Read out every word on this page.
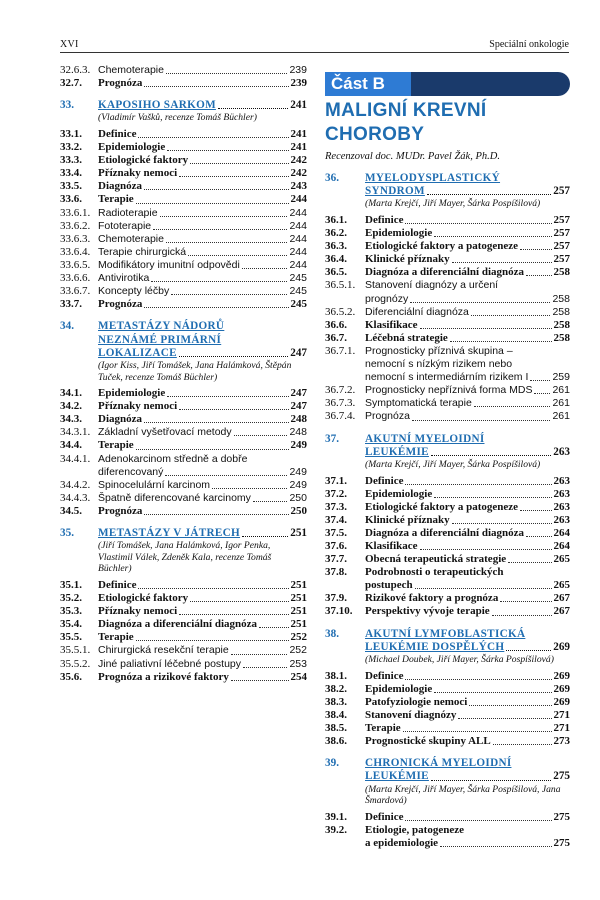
XVI	Speciální onkologie
32.6.3. Chemoterapie	239
32.7.	Prognóza	239
33.	KAPOSIHO SARKOM	241
(Vladimír Vašků, recenze Tomáš Büchler)
33.1.	Definice	241
33.2.	Epidemiologie	241
33.3.	Etiologické faktory	242
33.4.	Příznaky nemoci	242
33.5.	Diagnóza	243
33.6.	Terapie	244
33.6.1. Radioterapie	244
33.6.2. Fototerapie	244
33.6.3. Chemoterapie	244
33.6.4. Terapie chirurgická	244
33.6.5. Modifikátory imunitní odpovědi	244
33.6.6. Antivirotika	245
33.6.7. Koncepty léčby	245
33.7.	Prognóza	245
34.	METASTÁZY NÁDORŮ
NEZNÁMÉ PRIMÁRNÍ
LOKALIZACE	247
(Igor Kiss, Jiří Tomášek, Jana Halámková, Štěpán Tuček, recenze Tomáš Büchler)
34.1.	Epidemiologie	247
34.2.	Příznaky nemoci	247
34.3.	Diagnóza	248
34.3.1. Základní vyšetřovací metody	248
34.4.	Terapie	249
34.4.1. Adenokarcinom středně a dobře
diferencovaný	249
34.4.2. Spinocelulární karcinom	249
34.4.3. Špatně diferencované karcinomy	250
34.5.	Prognóza	250
35.	METASTÁZY V JÁTRECH	251
(Jiří Tomášek, Jana Halámková, Igor Penka, Vlastimil Válek, Zdeněk Kala, recenze Tomáš Büchler)
35.1.	Definice	251
35.2.	Etiologické faktory	251
35.3.	Příznaky nemoci	251
35.4.	Diagnóza a diferenciální diagnóza	251
35.5.	Terapie	252
35.5.1. Chirurgická resekční terapie	252
35.5.2. Jiné paliativní léčebné postupy	253
35.6.	Prognóza a rizikové faktory	254
Část B
MALIGNÍ KREVNÍ CHOROBY
Recenzoval doc. MUDr. Pavel Žák, Ph.D.
36.	MYELODYSPLASTICKÝ
SYNDROM	257
(Marta Krejčí, Jiří Mayer, Šárka Pospíšilová)
36.1.	Definice	257
36.2.	Epidemiologie	257
36.3.	Etiologické faktory a patogeneze	257
36.4.	Klinické příznaky	257
36.5.	Diagnóza a diferenciální diagnóza	258
36.5.1. Stanovení diagnózy a určení
prognózy	258
36.5.2. Diferenciální diagnóza	258
36.6.	Klasifikace	258
36.7.	Léčebná strategie	258
36.7.1. Prognosticky příznivá skupina –
nemocní s nízkým rizikem nebo
nemocní s intermediárním rizikem I 259
36.7.2. Prognosticky nepříznivá forma MDS 261
36.7.3. Symptomatická terapie	261
36.7.4. Prognóza	261
37.	AKUTNÍ MYELOIDNÍ
LEUKÉMIE	263
(Marta Krejčí, Jiří Mayer, Šárka Pospíšilová)
37.1.	Definice	263
37.2.	Epidemiologie	263
37.3.	Etiologické faktory a patogeneze	263
37.4.	Klinické příznaky	263
37.5.	Diagnóza a diferenciální diagnóza	264
37.6.	Klasifikace	264
37.7.	Obecná terapeutická strategie	265
37.8.	Podrobnosti o terapeutických
postupech	265
37.9.	Rizikové faktory a prognóza	267
37.10.	Perspektivy vývoje terapie	267
38.	AKUTNÍ LYMFOBLASTICKÁ
LEUKÉMIE DOSPĚLÝCH	269
(Michael Doubek, Jiří Mayer, Šárka Pospíšilová)
38.1.	Definice	269
38.2.	Epidemiologie	269
38.3.	Patofyziologie nemoci	269
38.4.	Stanovení diagnózy	271
38.5.	Terapie	271
38.6.	Prognostické skupiny ALL	273
39.	CHRONICKÁ MYELOIDNÍ
LEUKÉMIE	275
(Marta Krejčí, Jiří Mayer, Šárka Pospíšilová, Jana Šmardová)
39.1.	Definice	275
39.2.	Etiologie, patogeneze
a epidemiologie	275
